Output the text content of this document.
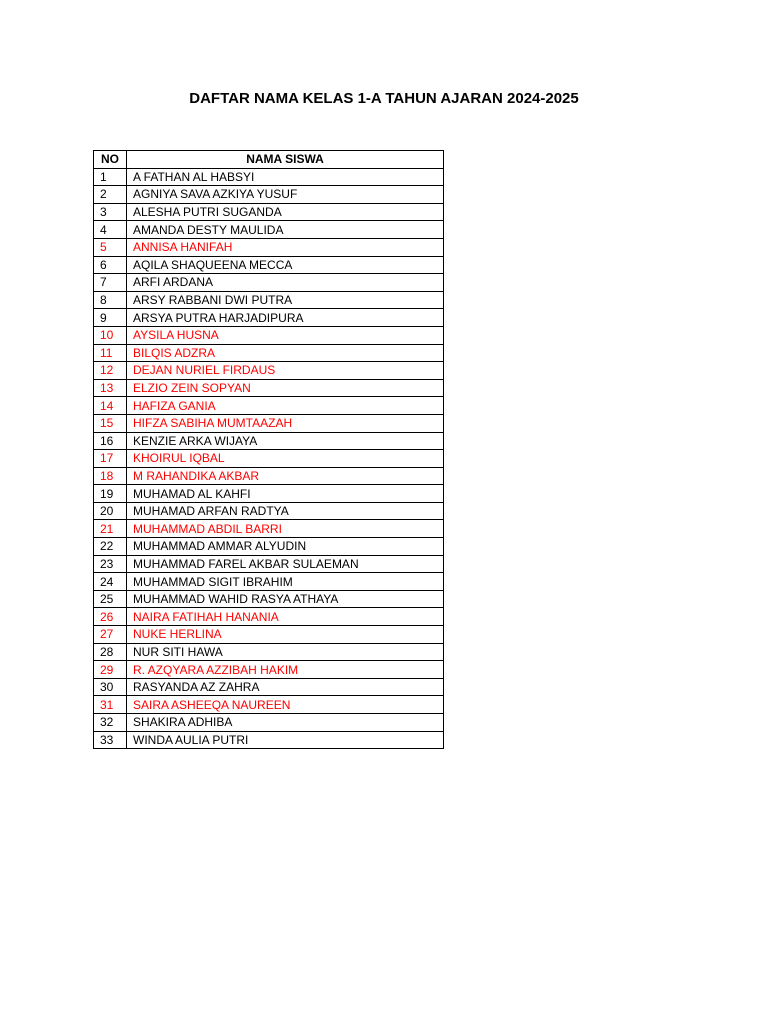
DAFTAR NAMA KELAS 1-A TAHUN AJARAN 2024-2025
NO	NAMA SISWA
1	A FATHAN AL HABSYI
2	AGNIYA SAVA AZKIYA YUSUF
3	ALESHA PUTRI SUGANDA
4	AMANDA DESTY MAULIDA
5	ANNISA HANIFAH
6	AQILA SHAQUEENA MECCA
7	ARFI ARDANA
8	ARSY RABBANI DWI PUTRA
9	ARSYA PUTRA HARJADIPURA
10	AYSILA HUSNA
11	BILQIS ADZRA
12	DEJAN NURIEL FIRDAUS
13	ELZIO ZEIN SOPYAN
14	HAFIZA GANIA
15	HIFZA SABIHA MUMTAAZAH
16	KENZIE ARKA WIJAYA
17	KHOIRUL IQBAL
18	M RAHANDIKA AKBAR
19	MUHAMAD AL KAHFI
20	MUHAMAD ARFAN RADTYA
21	MUHAMMAD ABDIL BARRI
22	MUHAMMAD AMMAR ALYUDIN
23	MUHAMMAD FAREL AKBAR SULAEMAN
24	MUHAMMAD SIGIT IBRAHIM
25	MUHAMMAD WAHID RASYA ATHAYA
26	NAIRA FATIHAH HANANIA
27	NUKE HERLINA
28	NUR SITI HAWA
29	R. AZQYARA AZZIBAH HAKIM
30	RASYANDA AZ ZAHRA
31	SAIRA ASHEEQA NAUREEN
32	SHAKIRA ADHIBA
33	WINDA AULIA PUTRI
